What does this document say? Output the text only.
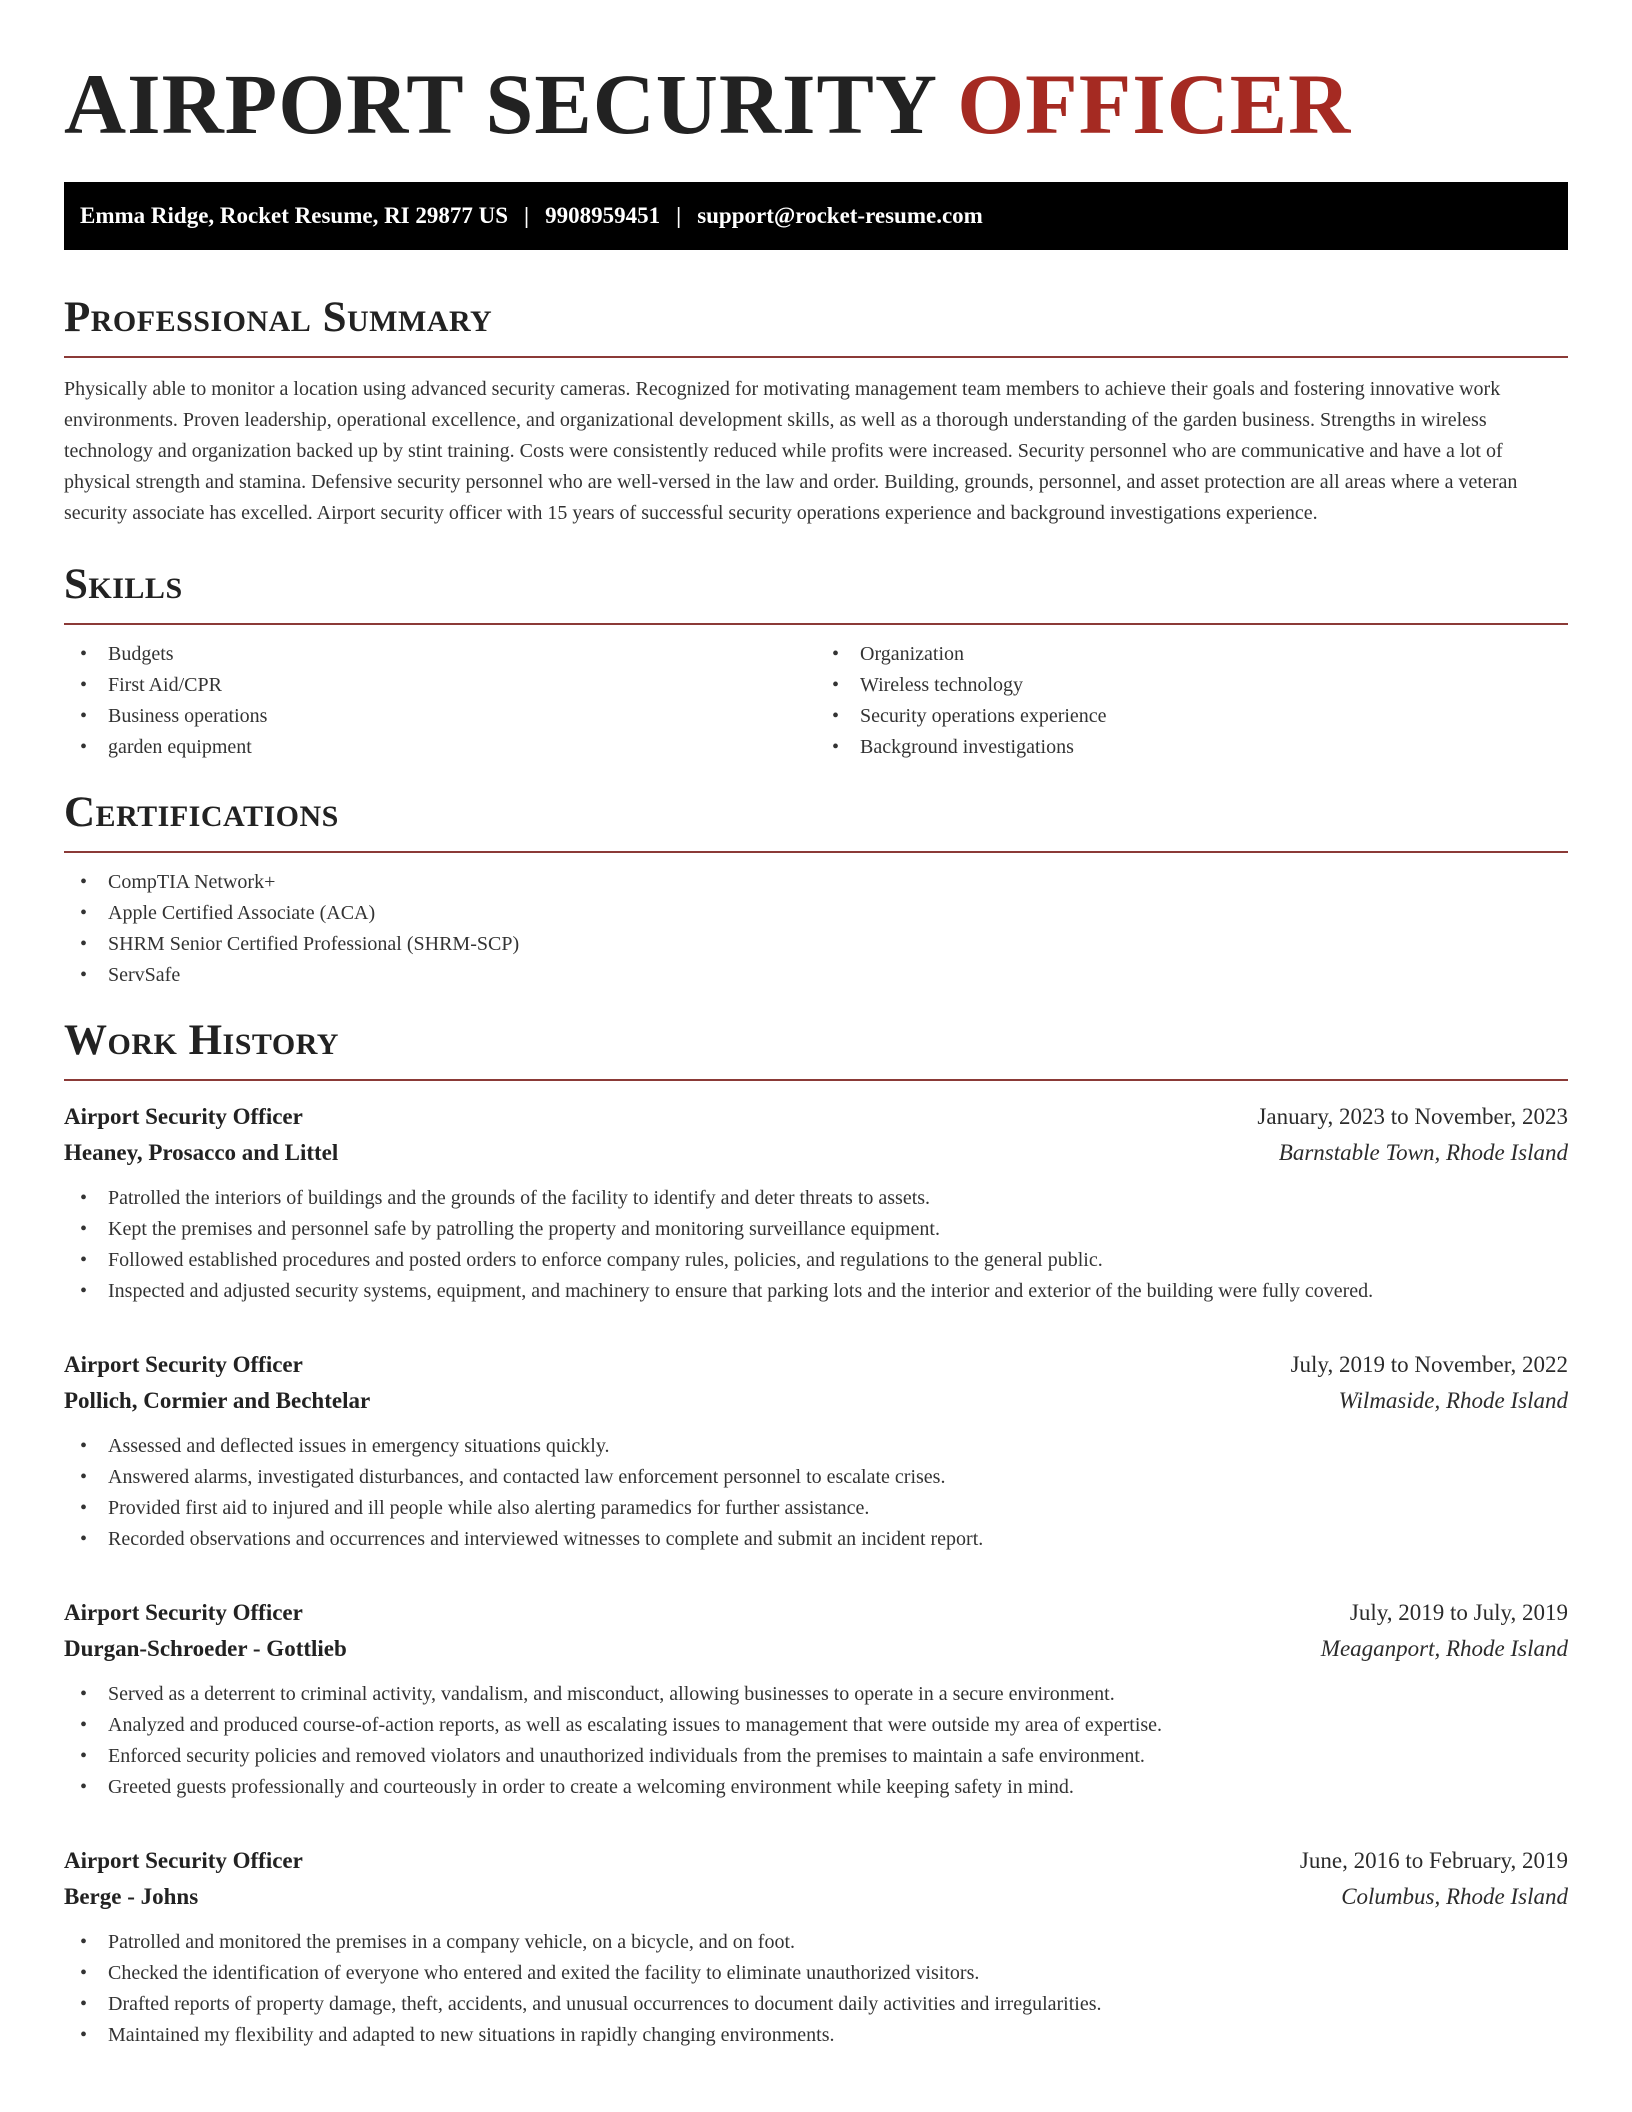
AIRPORT SECURITY OFFICER
Emma Ridge, Rocket Resume, RI 29877 US | 9908959451 | support@rocket-resume.com
Professional Summary

Physically able to monitor a location using advanced security cameras. Recognized for motivating management team members to achieve their goals and fostering innovative work environments. Proven leadership, operational excellence, and organizational development skills, as well as a thorough understanding of the garden business. Strengths in wireless technology and organization backed up by stint training. Costs were consistently reduced while profits were increased. Security personnel who are communicative and have a lot of physical strength and stamina. Defensive security personnel who are well-versed in the law and order. Building, grounds, personnel, and asset protection are all areas where a veteran security associate has excelled. Airport security officer with 15 years of successful security operations experience and background investigations experience.

Skills
• Budgets
• First Aid/CPR
• Business operations
• garden equipment
• Organization
• Wireless technology
• Security operations experience
• Background investigations
Certifications
• CompTIA Network+
• Apple Certified Associate (ACA)
• SHRM Senior Certified Professional (SHRM-SCP)
• ServSafe
Work History
Airport Security Officer	January, 2023 to November, 2023
Heaney, Prosacco and Littel	Barnstable Town, Rhode Island
• Patrolled the interiors of buildings and the grounds of the facility to identify and deter threats to assets.
• Kept the premises and personnel safe by patrolling the property and monitoring surveillance equipment.
• Followed established procedures and posted orders to enforce company rules, policies, and regulations to the general public.
• Inspected and adjusted security systems, equipment, and machinery to ensure that parking lots and the interior and exterior of the building were fully covered.
Airport Security Officer	July, 2019 to November, 2022
Pollich, Cormier and Bechtelar	Wilmaside, Rhode Island
• Assessed and deflected issues in emergency situations quickly.
• Answered alarms, investigated disturbances, and contacted law enforcement personnel to escalate crises.
• Provided first aid to injured and ill people while also alerting paramedics for further assistance.
• Recorded observations and occurrences and interviewed witnesses to complete and submit an incident report.
Airport Security Officer	July, 2019 to July, 2019
Durgan-Schroeder - Gottlieb	Meaganport, Rhode Island
• Served as a deterrent to criminal activity, vandalism, and misconduct, allowing businesses to operate in a secure environment.
• Analyzed and produced course-of-action reports, as well as escalating issues to management that were outside my area of expertise.
• Enforced security policies and removed violators and unauthorized individuals from the premises to maintain a safe environment.
• Greeted guests professionally and courteously in order to create a welcoming environment while keeping safety in mind.
Airport Security Officer	June, 2016 to February, 2019
Berge - Johns	Columbus, Rhode Island
• Patrolled and monitored the premises in a company vehicle, on a bicycle, and on foot.
• Checked the identification of everyone who entered and exited the facility to eliminate unauthorized visitors.
• Drafted reports of property damage, theft, accidents, and unusual occurrences to document daily activities and irregularities.
• Maintained my flexibility and adapted to new situations in rapidly changing environments.
